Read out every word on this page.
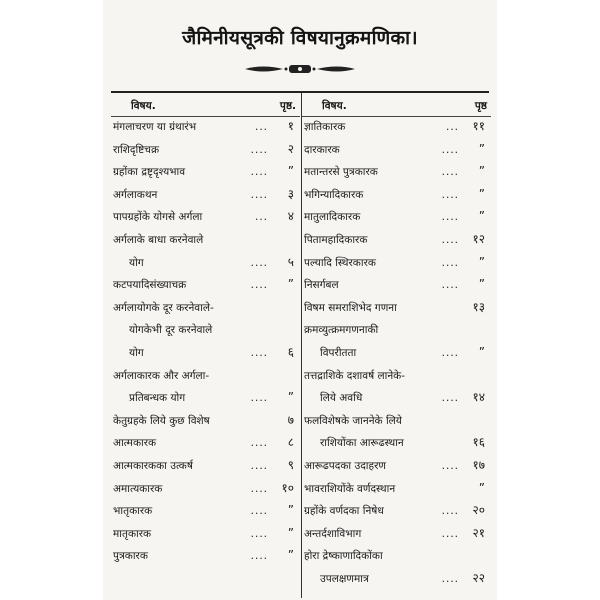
जैमिनीयसूत्रकी विषयानुक्रमणिका।
विषय.	पृष्ठ.
मंगलाचरण या ग्रंथारंभ	... १
राशिदृष्टिचक्र	.... २
ग्रहोंका द्रष्टृदृश्यभाव	.... ”
अर्गलाकथन	.... ३
पापग्रहोंके योगसे अर्गला	... ४
अर्गलाके बाधा करनेवाले
योग	.... ५
कटपयादिसंख्याचक्र	.... ”
अर्गलायोगके दूर करनेवाले-
योगकेभी दूर करनेवाले
योग	.... ६
अर्गलाकारक और अर्गला-
प्रतिबन्धक योग	.... ”
केतुग्रहके लिये कुछ विशेष	७
आत्मकारक	.... ८
आत्मकारकका उत्कर्ष	.... ९
अमात्यकारक	.... १०
भातृकारक	.... ”
मातृकारक	.... ”
पुत्रकारक	.... ”
विषय.	पृष्ठ
ज्ञातिकारक	... ११
दारकारक	.... ”
मतान्तरसे पुत्रकारक	.... ”
भगिन्यादिकारक	.... ”
मातुलादिकारक	.... ”
पितामहादिकारक	.... १२
पल्यादि स्थिरकारक	.... ”
निसर्गबल	.... ”
विषम समराशिभेद गणना	१३
क्रमव्युत्क्रमगणनाकी
विपरीतता	.... ”
तत्तद्राशिके दशावर्ष लानेके-
लिये अवधि	.... १४
फलविशेषके जाननेके लिये
राशियोंका आरूढस्थान	१६
आरूढपदका उदाहरण	.... १७
भावराशियोंके वर्णदस्थान	”
ग्रहोंके वर्णदका निषेध	.... २०
अन्तर्दशाविभाग	.... २१
होरा द्रेष्काणादिकोंका
उपलक्षणमात्र	.... २२
